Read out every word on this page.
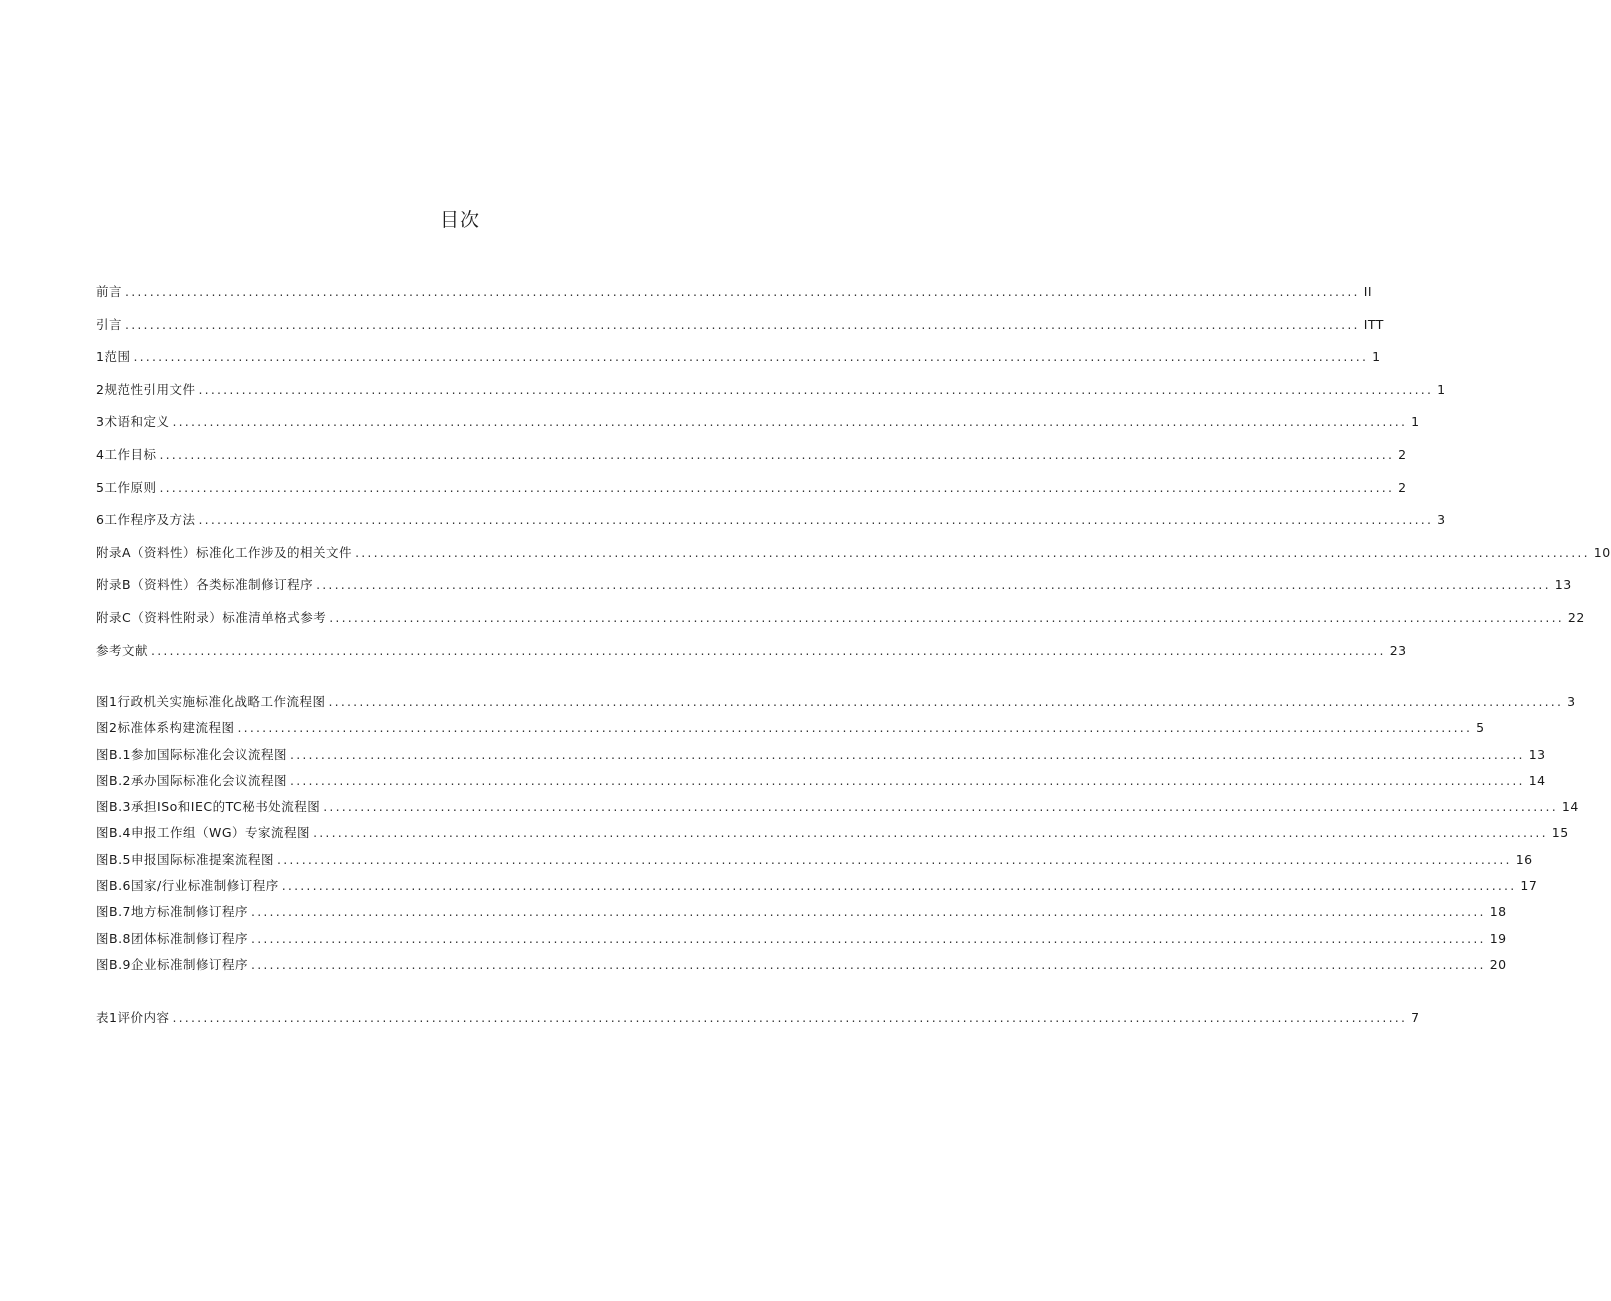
目次
前言 ........................................................................................................................................................................................................ II
引言 ........................................................................................................................................................................................................ ITT
1范围 ........................................................................................................................................................................................................ 1
2规范性引用文件 ........................................................................................................................................................................................................ 1
3术语和定义 ........................................................................................................................................................................................................ 1
4工作目标 ........................................................................................................................................................................................................ 2
5工作原则 ........................................................................................................................................................................................................ 2
6工作程序及方法 ........................................................................................................................................................................................................ 3
附录A（资料性）标准化工作涉及的相关文件 ........................................................................................................................................................................................................ 10
附录B（资料性）各类标准制修订程序 ........................................................................................................................................................................................................ 13
附录C（资料性附录）标准清单格式参考 ........................................................................................................................................................................................................ 22
参考文献 ........................................................................................................................................................................................................ 23
图1行政机关实施标准化战略工作流程图 ........................................................................................................................................................................................................ 3
图2标准体系构建流程图 ........................................................................................................................................................................................................ 5
图B.1参加国际标准化会议流程图 ........................................................................................................................................................................................................ 13
图B.2承办国际标准化会议流程图 ........................................................................................................................................................................................................ 14
图B.3承担ISo和IEC的TC秘书处流程图 ........................................................................................................................................................................................................ 14
图B.4申报工作组（WG）专家流程图 ........................................................................................................................................................................................................ 15
图B.5申报国际标准提案流程图 ........................................................................................................................................................................................................ 16
图B.6国家/行业标准制修订程序 ........................................................................................................................................................................................................ 17
图B.7地方标准制修订程序 ........................................................................................................................................................................................................ 18
图B.8团体标准制修订程序 ........................................................................................................................................................................................................ 19
图B.9企业标准制修订程序 ........................................................................................................................................................................................................ 20
表1评价内容 ........................................................................................................................................................................................................ 7
